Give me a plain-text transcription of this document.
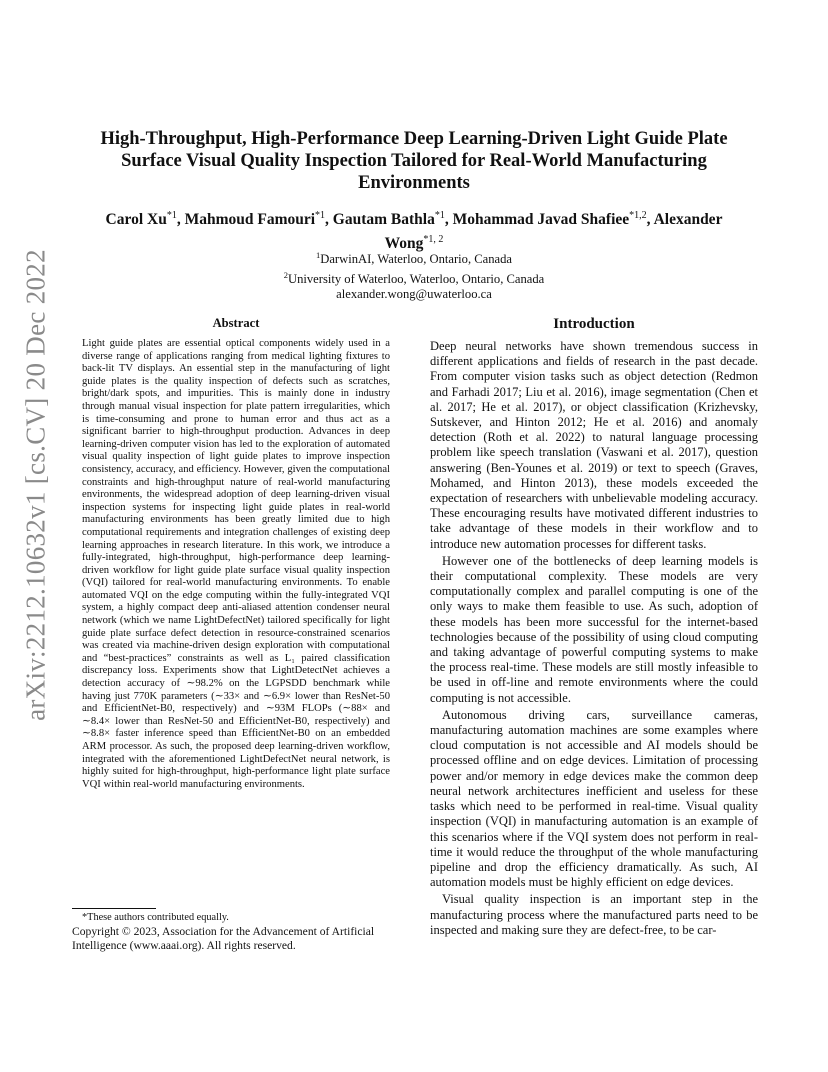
arXiv:2212.10632v1 [cs.CV] 20 Dec 2022
High-Throughput, High-Performance Deep Learning-Driven Light Guide Plate Surface Visual Quality Inspection Tailored for Real-World Manufacturing Environments
Carol Xu$^{*1}$, Mahmoud Famouri$^{*1}$, Gautam Bathla$^{*1}$, Mohammad Javad Shafiee$^{*1,2}$, Alexander Wong$^{*1, 2}$
$^1$DarwinAI, Waterloo, Ontario, Canada
$^2$University of Waterloo, Waterloo, Ontario, Canada
alexander.wong@uwaterloo.ca
Abstract

Light guide plates are essential optical components widely used in a diverse range of applications ranging from medical lighting fixtures to back-lit TV displays. An essential step in the manufacturing of light guide plates is the quality inspection of defects such as scratches, bright/dark spots, and impurities. This is mainly done in industry through manual visual inspection for plate pattern irregularities, which is time-consuming and prone to human error and thus act as a significant barrier to high-throughput production. Advances in deep learning-driven computer vision has led to the exploration of automated visual quality inspection of light guide plates to improve inspection consistency, accuracy, and efficiency. However, given the computational constraints and high-throughput nature of real-world manufacturing environments, the widespread adoption of deep learning-driven visual inspection systems for inspecting light guide plates in real-world manufacturing environments has been greatly limited due to high computational requirements and integration challenges of existing deep learning approaches in research literature. In this work, we introduce a fully-integrated, high-throughput, high-performance deep learning-driven workflow for light guide plate surface visual quality inspection (VQI) tailored for real-world manufacturing environments. To enable automated VQI on the edge computing within the fully-integrated VQI system, a highly compact deep anti-aliased attention condenser neural network (which we name LightDefectNet) tailored specifically for light guide plate surface defect detection in resource-constrained scenarios was created via machine-driven design exploration with computational and “best-practices” constraints as well as L₁ paired classification discrepancy loss. Experiments show that LightDetectNet achieves a detection accuracy of ∼98.2% on the LGPSDD benchmark while having just 770K parameters (∼33× and ∼6.9× lower than ResNet-50 and EfficientNet-B0, respectively) and ∼93M FLOPs (∼88× and ∼8.4× lower than ResNet-50 and EfficientNet-B0, respectively) and ∼8.8× faster inference speed than EfficientNet-B0 on an embedded ARM processor. As such, the proposed deep learning-driven workflow, integrated with the aforementioned LightDefectNet neural network, is highly suited for high-throughput, high-performance light plate surface VQI within real-world manufacturing environments.

Introduction

Deep neural networks have shown tremendous success in different applications and fields of research in the past decade. From computer vision tasks such as object detection (Redmon and Farhadi 2017; Liu et al. 2016), image segmentation (Chen et al. 2017; He et al. 2017), or object classification (Krizhevsky, Sutskever, and Hinton 2012; He et al. 2016) and anomaly detection (Roth et al. 2022) to natural language processing problem like speech translation (Vaswani et al. 2017), question answering (Ben-Younes et al. 2019) or text to speech (Graves, Mohamed, and Hinton 2013), these models exceeded the expectation of researchers with unbelievable modeling accuracy. These encouraging results have motivated different industries to take advantage of these models in their workflow and to introduce new automation processes for different tasks.

However one of the bottlenecks of deep learning models is their computational complexity. These models are very computationally complex and parallel computing is one of the only ways to make them feasible to use. As such, adoption of these models has been more successful for the internet-based technologies because of the possibility of using cloud computing and taking advantage of powerful computing systems to make the process real-time. These models are still mostly infeasible to be used in off-line and remote environments where the could computing is not accessible.

Autonomous driving cars, surveillance cameras, manufacturing automation machines are some examples where cloud computation is not accessible and AI models should be processed offline and on edge devices. Limitation of processing power and/or memory in edge devices make the common deep neural network architectures inefficient and useless for these tasks which need to be performed in real-time. Visual quality inspection (VQI) in manufacturing automation is an example of this scenarios where if the VQI system does not perform in real-time it would reduce the throughput of the whole manufacturing pipeline and drop the efficiency dramatically. As such, AI automation models must be highly efficient on edge devices.

Visual quality inspection is an important step in the manufacturing process where the manufactured parts need to be inspected and making sure they are defect-free, to be car-

*These authors contributed equally.
Copyright © 2023, Association for the Advancement of Artificial Intelligence (www.aaai.org). All rights reserved.
